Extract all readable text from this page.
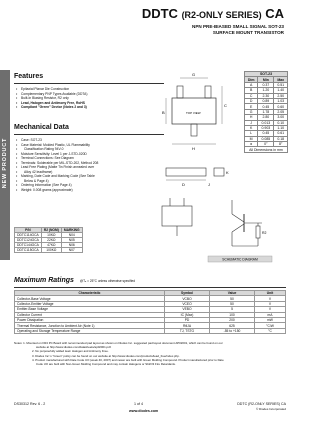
NEW PRODUCT
DDTC (R2-ONLY SERIES) CA
NPN PRE-BIASED SMALL SIGNAL SOT-23
SURFACE MOUNT TRANSISTOR
Features
• Epitaxial Planar Die Construction
• Complementary PNP Types Available (DDTA)
• Built-In Biasing Resistor, R2 only
• Lead, Halogen and Antimony Free, RoHS
• Compliant "Green" Device (Notes 2 and 3)
Mechanical Data
• Case: SOT-23
• Case Material: Molded Plastic, UL Flammability
• Classification Rating 94V-0
• Moisture Sensitivity: Level 1 per J-STD-020D
• Terminal Connections: See Diagram
• Terminals: Solderable per MIL-STD-202, Method 208
• Lead Free Plating (Matte Tin Finish annealed over
• Alloy 42 leadframe)
• Marking, Date Code and Marking Code (See Table
• Below & Page 4)
• Ordering Information (See Page 4)
• Weight: 0.008 grams (approximate)
B
H
C
G
TOP VIEW
D
K
J
SOT-23		
Dim	Min	Max
A	0.37	0.51
B	1.20	1.40
C	2.30	2.50
D	0.89	1.03
E	0.45	0.60
G	1.78	2.05
H	2.80	3.00
J	0.013	0.10
K	0.903	1.10
L	0.45	0.61
M	0.085	0.18
α	0°	8°
All Dimensions in mm		
R2
SCHEMATIC DIAGRAM
P/N	R2 (NOM)	MARKING
DDTC114GCA	10KΩ	N04
DDTC124GCA	22KΩ	N05
DDTC144GCA	47KΩ	N06
DDTC115GCA	100KΩ	N07
Maximum Ratings @Tₐ = 25°C unless otherwise specified
Characteristic	Symbol	Value	Unit
Collector-Base Voltage	VCBO	50	V
Collector-Emitter Voltage	VCEO	50	V
Emitter-Base Voltage	VEBO	5	V
Collector Current	IC (Max)	100	mA
Power Dissipation	PD	200	mW
Thermal Resistance, Junction to Ambient Air (Note 1)	RθJA	625	°C/W
Operating and Storage Temperature Range	TJ, TSTG	-55 to +150	°C

Notes: 1. Mounted on FR4 PC Board with recommended pad layout as shown on Diodes Inc. suggested pad layout document AP02001, which can be found on our

website at http://www.diodes.com/datasheets/ap02001.pdf.

2. No purposefully added lead. Halogen and Antimony Free.

3. Diodes Inc.'s "Green" policy can be found on our website at http://www.diodes.com/products/lead_free/index.php.

4. Product manufactured with Date Code UO (week 40, 2007) and newer are built with Green Molding Compound. Product manufactured prior to Date

Code UO are built with Non-Green Molding Compound and may contain Halogens or Sb2O3 Fire Retardants.

DS30312 Rev. 6 - 2	1 of 4
www.diodes.com
DDTC (R2-ONLY SERIES) CA
© Diodes Incorporated
